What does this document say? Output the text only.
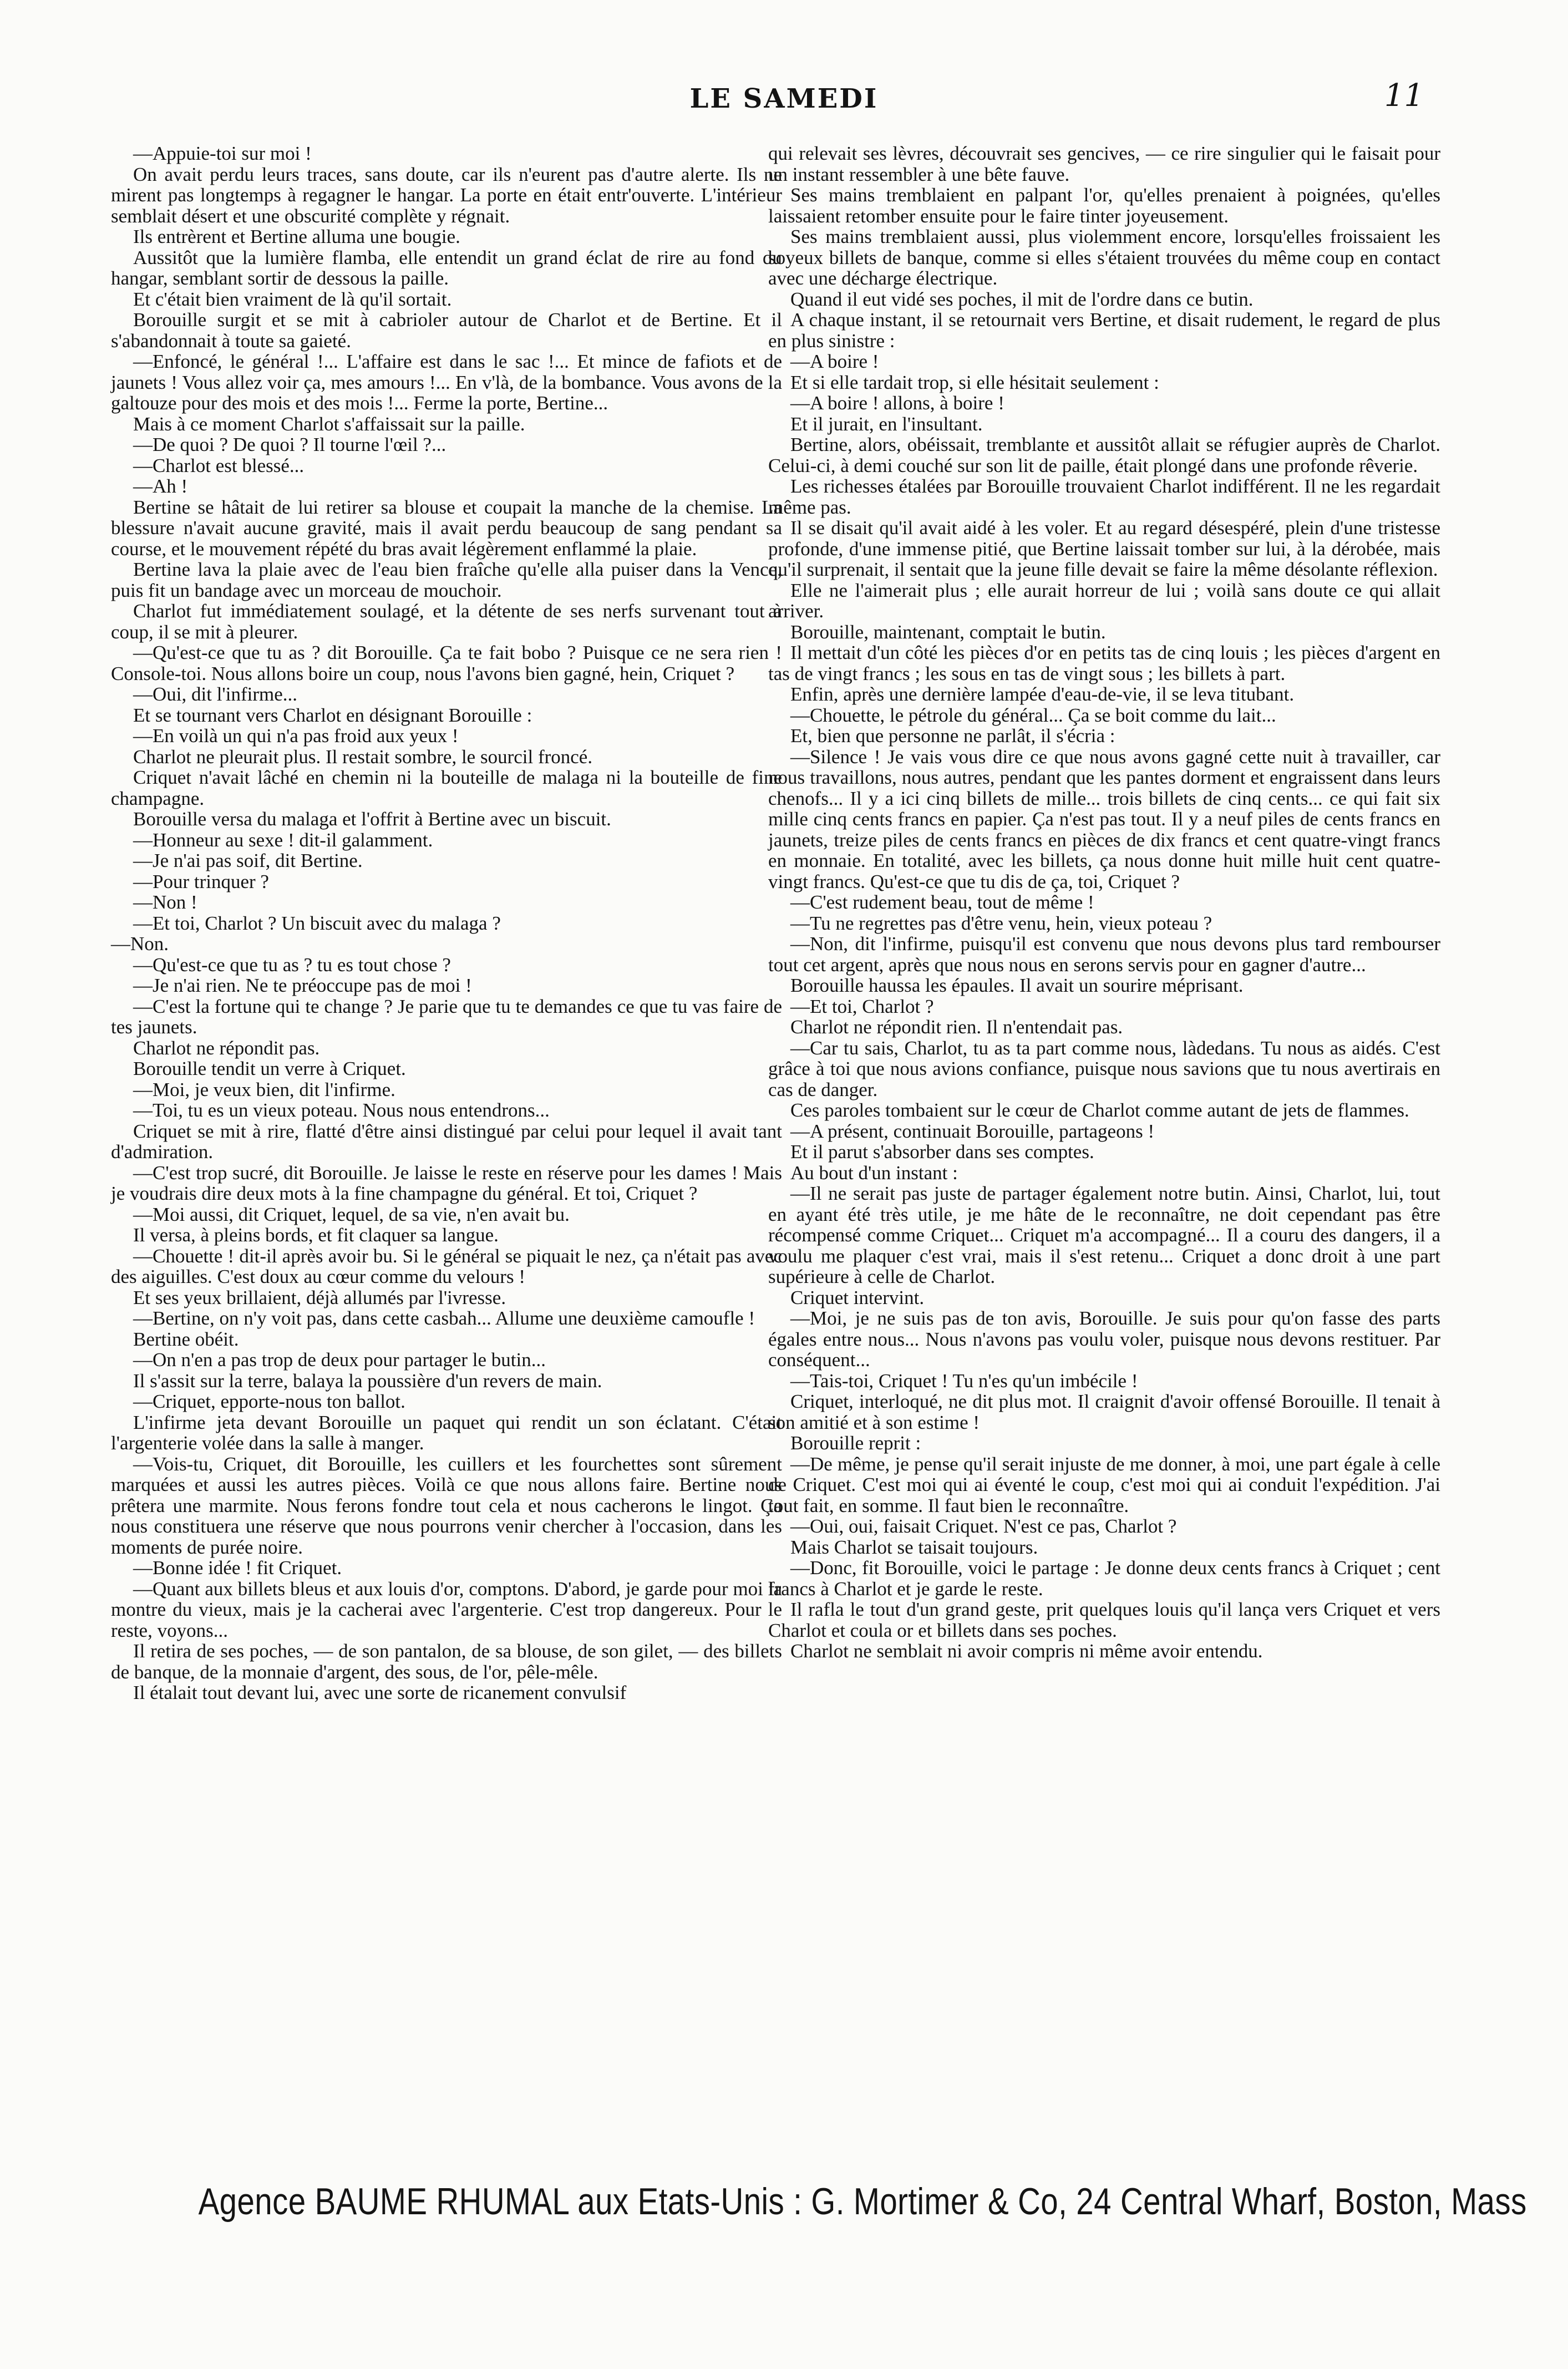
LE SAMEDI	11

—Appuie-toi sur moi !

On avait perdu leurs traces, sans doute, car ils n'eurent pas d'autre alerte. Ils ne mirent pas longtemps à regagner le hangar. La porte en était entr'ouverte. L'intérieur semblait désert et une obscurité complète y régnait.

Ils entrèrent et Bertine alluma une bougie.

Aussitôt que la lumière flamba, elle entendit un grand éclat de rire au fond du hangar, semblant sortir de dessous la paille.

Et c'était bien vraiment de là qu'il sortait.

Borouille surgit et se mit à cabrioler autour de Charlot et de Bertine. Et il s'abandonnait à toute sa gaieté.

—Enfoncé, le général !... L'affaire est dans le sac !... Et mince de fafiots et de jaunets ! Vous allez voir ça, mes amours !... En v'là, de la bombance. Vous avons de la galtouze pour des mois et des mois !... Ferme la porte, Bertine...

Mais à ce moment Charlot s'affaissait sur la paille.

—De quoi ? De quoi ? Il tourne l'œil ?...

—Charlot est blessé...

—Ah !

Bertine se hâtait de lui retirer sa blouse et coupait la manche de la chemise. La blessure n'avait aucune gravité, mais il avait perdu beaucoup de sang pendant sa course, et le mouvement répété du bras avait légèrement enflammé la plaie.

Bertine lava la plaie avec de l'eau bien fraîche qu'elle alla puiser dans la Vence, puis fit un bandage avec un morceau de mouchoir.

Charlot fut immédiatement soulagé, et la détente de ses nerfs survenant tout à coup, il se mit à pleurer.

—Qu'est-ce que tu as ? dit Borouille. Ça te fait bobo ? Puisque ce ne sera rien ! Console-toi. Nous allons boire un coup, nous l'avons bien gagné, hein, Criquet ?

—Oui, dit l'infirme...

Et se tournant vers Charlot en désignant Borouille :

—En voilà un qui n'a pas froid aux yeux !

Charlot ne pleurait plus. Il restait sombre, le sourcil froncé.

Criquet n'avait lâché en chemin ni la bouteille de malaga ni la bouteille de fine champagne.

Borouille versa du malaga et l'offrit à Bertine avec un biscuit.

—Honneur au sexe ! dit-il galamment.

—Je n'ai pas soif, dit Bertine.

—Pour trinquer ?

—Non !

—Et toi, Charlot ? Un biscuit avec du malaga ?

—Non.

—Qu'est-ce que tu as ? tu es tout chose ?

—Je n'ai rien. Ne te préoccupe pas de moi !

—C'est la fortune qui te change ? Je parie que tu te demandes ce que tu vas faire de tes jaunets.

Charlot ne répondit pas.

Borouille tendit un verre à Criquet.

—Moi, je veux bien, dit l'infirme.

—Toi, tu es un vieux poteau. Nous nous entendrons...

Criquet se mit à rire, flatté d'être ainsi distingué par celui pour lequel il avait tant d'admiration.

—C'est trop sucré, dit Borouille. Je laisse le reste en réserve pour les dames ! Mais je voudrais dire deux mots à la fine champagne du général. Et toi, Criquet ?

—Moi aussi, dit Criquet, lequel, de sa vie, n'en avait bu.

Il versa, à pleins bords, et fit claquer sa langue.

—Chouette ! dit-il après avoir bu. Si le général se piquait le nez, ça n'était pas avec des aiguilles. C'est doux au cœur comme du velours !

Et ses yeux brillaient, déjà allumés par l'ivresse.

—Bertine, on n'y voit pas, dans cette casbah... Allume une deuxième camoufle !

Bertine obéit.

—On n'en a pas trop de deux pour partager le butin...

Il s'assit sur la terre, balaya la poussière d'un revers de main.

—Criquet, epporte-nous ton ballot.

L'infirme jeta devant Borouille un paquet qui rendit un son éclatant. C'était l'argenterie volée dans la salle à manger.

—Vois-tu, Criquet, dit Borouille, les cuillers et les fourchettes sont sûrement marquées et aussi les autres pièces. Voilà ce que nous allons faire. Bertine nous prêtera une marmite. Nous ferons fondre tout cela et nous cacherons le lingot. Ça nous constituera une réserve que nous pourrons venir chercher à l'occasion, dans les moments de purée noire.

—Bonne idée ! fit Criquet.

—Quant aux billets bleus et aux louis d'or, comptons. D'abord, je garde pour moi la montre du vieux, mais je la cacherai avec l'argenterie. C'est trop dangereux. Pour le reste, voyons...

Il retira de ses poches, — de son pantalon, de sa blouse, de son gilet, — des billets de banque, de la monnaie d'argent, des sous, de l'or, pêle-mêle.

Il étalait tout devant lui, avec une sorte de ricanement convulsif

qui relevait ses lèvres, découvrait ses gencives, — ce rire singulier qui le faisait pour un instant ressembler à une bête fauve.

Ses mains tremblaient en palpant l'or, qu'elles prenaient à poignées, qu'elles laissaient retomber ensuite pour le faire tinter joyeusement.

Ses mains tremblaient aussi, plus violemment encore, lorsqu'elles froissaient les soyeux billets de banque, comme si elles s'étaient trouvées du même coup en contact avec une décharge électrique.

Quand il eut vidé ses poches, il mit de l'ordre dans ce butin.

A chaque instant, il se retournait vers Bertine, et disait rudement, le regard de plus en plus sinistre :

—A boire !

Et si elle tardait trop, si elle hésitait seulement :

—A boire ! allons, à boire !

Et il jurait, en l'insultant.

Bertine, alors, obéissait, tremblante et aussitôt allait se réfugier auprès de Charlot. Celui-ci, à demi couché sur son lit de paille, était plongé dans une profonde rêverie.

Les richesses étalées par Borouille trouvaient Charlot indifférent. Il ne les regardait même pas.

Il se disait qu'il avait aidé à les voler. Et au regard désespéré, plein d'une tristesse profonde, d'une immense pitié, que Bertine laissait tomber sur lui, à la dérobée, mais qu'il surprenait, il sentait que la jeune fille devait se faire la même désolante réflexion.

Elle ne l'aimerait plus ; elle aurait horreur de lui ; voilà sans doute ce qui allait arriver.

Borouille, maintenant, comptait le butin.

Il mettait d'un côté les pièces d'or en petits tas de cinq louis ; les pièces d'argent en tas de vingt francs ; les sous en tas de vingt sous ; les billets à part.

Enfin, après une dernière lampée d'eau-de-vie, il se leva titubant.

—Chouette, le pétrole du général... Ça se boit comme du lait...

Et, bien que personne ne parlât, il s'écria :

—Silence ! Je vais vous dire ce que nous avons gagné cette nuit à travailler, car nous travaillons, nous autres, pendant que les pantes dorment et engraissent dans leurs chenofs... Il y a ici cinq billets de mille... trois billets de cinq cents... ce qui fait six mille cinq cents francs en papier. Ça n'est pas tout. Il y a neuf piles de cents francs en jaunets, treize piles de cents francs en pièces de dix francs et cent quatre-vingt francs en monnaie. En totalité, avec les billets, ça nous donne huit mille huit cent quatre-vingt francs. Qu'est-ce que tu dis de ça, toi, Criquet ?

—C'est rudement beau, tout de même !

—Tu ne regrettes pas d'être venu, hein, vieux poteau ?

—Non, dit l'infirme, puisqu'il est convenu que nous devons plus tard rembourser tout cet argent, après que nous nous en serons servis pour en gagner d'autre...

Borouille haussa les épaules. Il avait un sourire méprisant.

—Et toi, Charlot ?

Charlot ne répondit rien. Il n'entendait pas.

—Car tu sais, Charlot, tu as ta part comme nous, làdedans. Tu nous as aidés. C'est grâce à toi que nous avions confiance, puisque nous savions que tu nous avertirais en cas de danger.

Ces paroles tombaient sur le cœur de Charlot comme autant de jets de flammes.

—A présent, continuait Borouille, partageons !

Et il parut s'absorber dans ses comptes.

Au bout d'un instant :

—Il ne serait pas juste de partager également notre butin. Ainsi, Charlot, lui, tout en ayant été très utile, je me hâte de le reconnaître, ne doit cependant pas être récompensé comme Criquet... Criquet m'a accompagné... Il a couru des dangers, il a voulu me plaquer c'est vrai, mais il s'est retenu... Criquet a donc droit à une part supérieure à celle de Charlot.

Criquet intervint.

—Moi, je ne suis pas de ton avis, Borouille. Je suis pour qu'on fasse des parts égales entre nous... Nous n'avons pas voulu voler, puisque nous devons restituer. Par conséquent...

—Tais-toi, Criquet ! Tu n'es qu'un imbécile !

Criquet, interloqué, ne dit plus mot. Il craignit d'avoir offensé Borouille. Il tenait à son amitié et à son estime !

Borouille reprit :

—De même, je pense qu'il serait injuste de me donner, à moi, une part égale à celle de Criquet. C'est moi qui ai éventé le coup, c'est moi qui ai conduit l'expédition. J'ai tout fait, en somme. Il faut bien le reconnaître.

—Oui, oui, faisait Criquet. N'est ce pas, Charlot ?

Mais Charlot se taisait toujours.

—Donc, fit Borouille, voici le partage : Je donne deux cents francs à Criquet ; cent francs à Charlot et je garde le reste.

Il rafla le tout d'un grand geste, prit quelques louis qu'il lança vers Criquet et vers Charlot et coula or et billets dans ses poches.

Charlot ne semblait ni avoir compris ni même avoir entendu.

Agence BAUME RHUMAL aux Etats-Unis : G. Mortimer & Co, 24 Central Wharf, Boston, Mass
